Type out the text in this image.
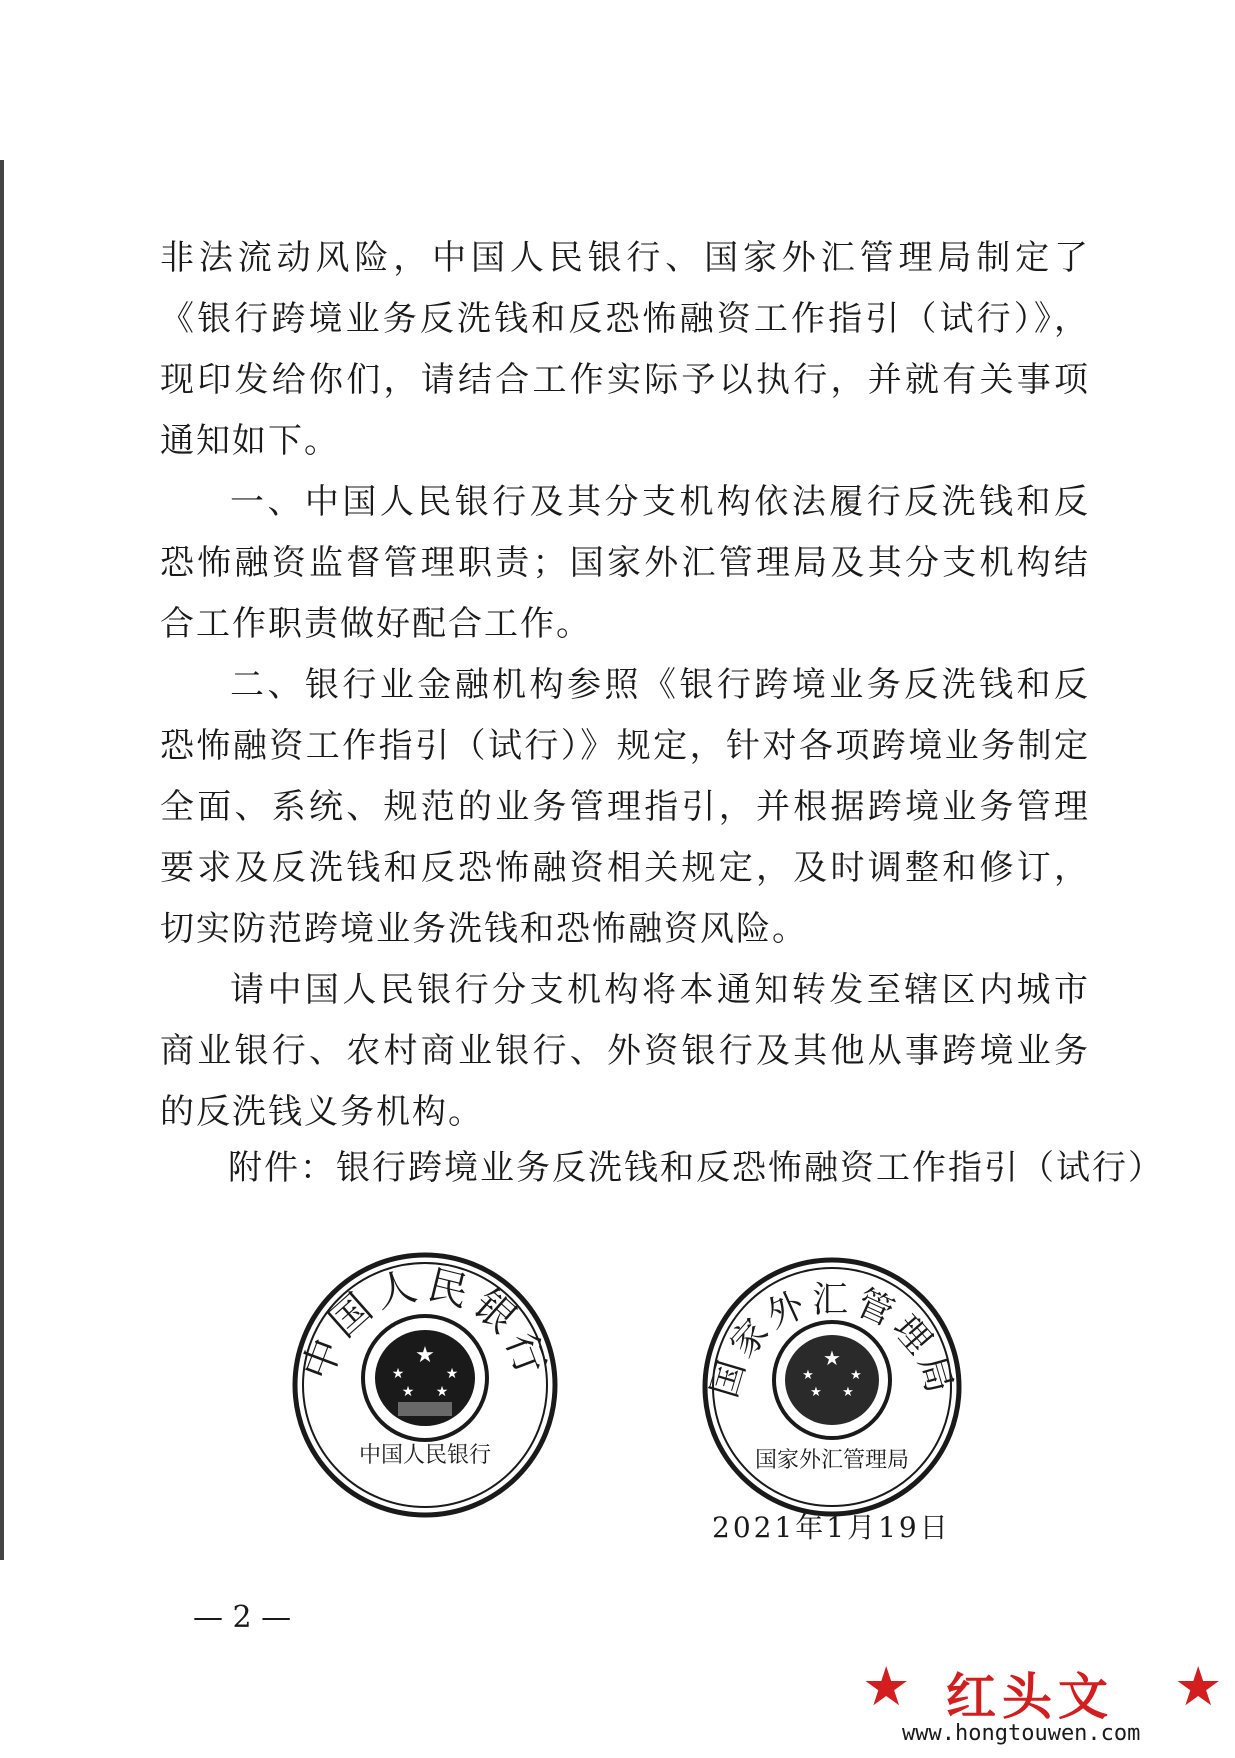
非法流动风险，中国人民银行、国家外汇管理局制定了《银行跨境业务反洗钱和反恐怖融资工作指引（试行）》，现印发给你们，请结合工作实际予以执行，并就有关事项通知如下。

一、中国人民银行及其分支机构依法履行反洗钱和反恐怖融资监督管理职责；国家外汇管理局及其分支机构结合工作职责做好配合工作。

二、银行业金融机构参照《银行跨境业务反洗钱和反恐怖融资工作指引（试行）》规定，针对各项跨境业务制定全面、系统、规范的业务管理指引，并根据跨境业务管理要求及反洗钱和反恐怖融资相关规定，及时调整和修订，切实防范跨境业务洗钱和恐怖融资风险。

请中国人民银行分支机构将本通知转发至辖区内城市商业银行、农村商业银行、外资银行及其他从事跨境业务的反洗钱义务机构。

附件：银行跨境业务反洗钱和反恐怖融资工作指引（试行）
中国人民银行
★
★	★
★ ★
中国人民银行
国家外汇管理局
★
★	★
★ ★
国家外汇管理局
2021年1月19日
— 2 —
★ 红头文 ★
www.hongtouwen.com
